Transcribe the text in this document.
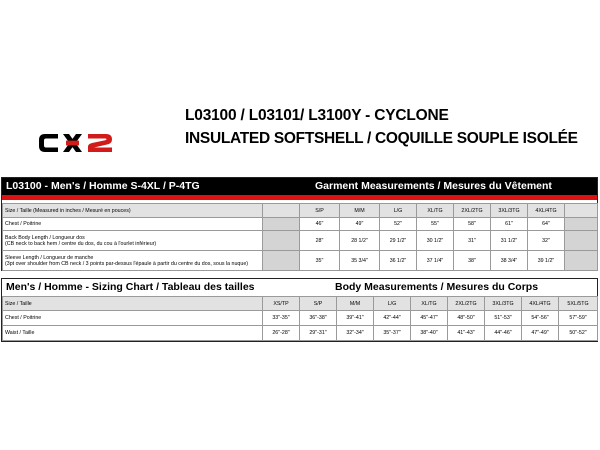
CX2
L03100 / L03101/ L3100Y - CYCLONE
INSULATED SOFTSHELL / COQUILLE SOUPLE ISOLÉE
L03100 - Men's / Homme S-4XL / P-4TG	Garment Measurements / Mesures du Vêtement
Size / Taille (Measured in inches / Mesuré en pouces)		S/P	M/M	L/G	XL/TG	2XL/2TG	3XL/3TG	4XL/4TG	

Chest / Poitrine		46"	49"	52"	55"	58"	61"	64"	

Back Body Length / Longueur dos
(CB neck to back hem / centre du dos, du cou à l'ourlet inférieur)		28"	28 1/2"	29 1/2"	30 1/2"	31"	31 1/2"	32"	

Sleeve Length / Longueur de manche
(3pt over shoulder from CB neck / 3 points par-dessus l'épaule à partir du centre du dos, sous la nuque)		35"	35 3/4"	36 1/2"	37 1/4"	38"	38 3/4"	39 1/2"	
Men's / Homme - Sizing Chart / Tableau des tailles	Body Measurements / Mesures du Corps
Size / Taille	XS/TP	S/P	M/M	L/G	XL/TG	2XL/2TG	3XL/3TG	4XL/4TG	5XL/5TG
Chest / Poitrine	33"-35"	36"-38"	39"-41"	42"-44"	45"-47"	48"-50"	51"-53"	54"-56"	57"-59"
Waist / Taille	26"-28"	29"-31"	32"-34"	35"-37"	38"-40"	41"-43"	44"-46"	47"-49"	50"-52"
